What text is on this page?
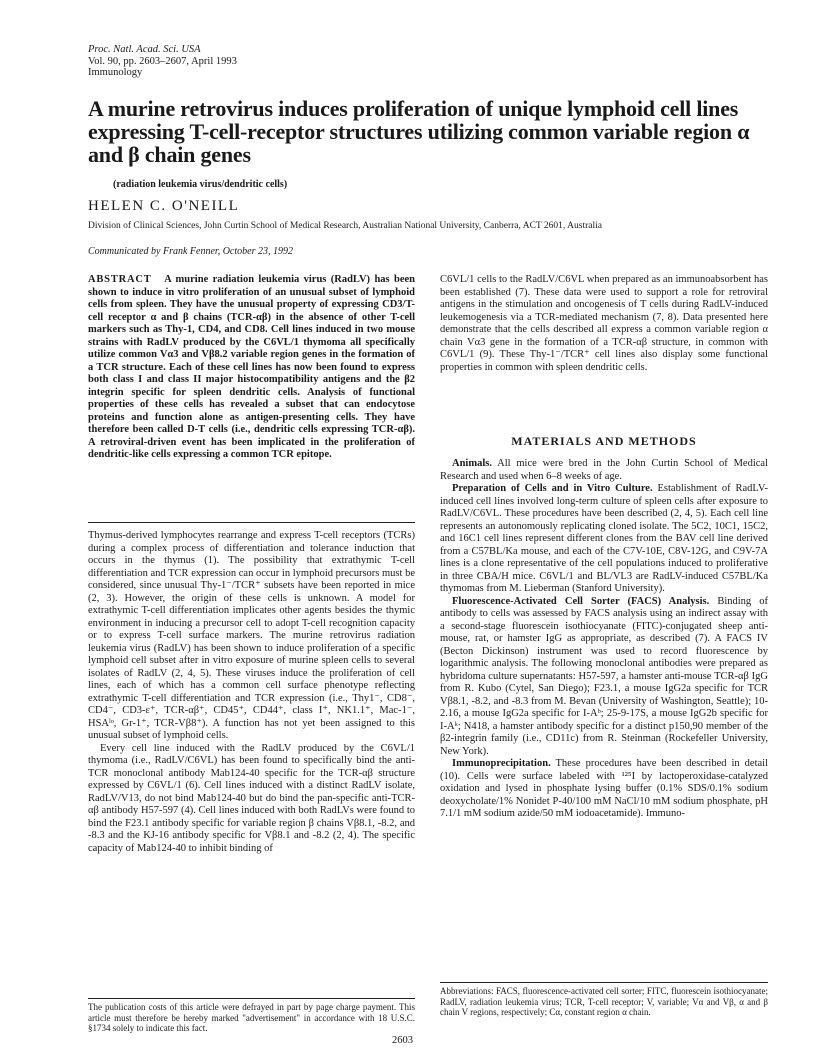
Proc. Natl. Acad. Sci. USA
Vol. 90, pp. 2603–2607, April 1993
Immunology
A murine retrovirus induces proliferation of unique lymphoid cell lines expressing T-cell-receptor structures utilizing common variable region α and β chain genes
(radiation leukemia virus/dendritic cells)
HELEN C. O'NEILL
Division of Clinical Sciences, John Curtin School of Medical Research, Australian National University, Canberra, ACT 2601, Australia
Communicated by Frank Fenner, October 23, 1992

ABSTRACT A murine radiation leukemia virus (RadLV) has been shown to induce in vitro proliferation of an unusual subset of lymphoid cells from spleen. They have the unusual property of expressing CD3/T-cell receptor α and β chains (TCR-αβ) in the absence of other T-cell markers such as Thy-1, CD4, and CD8. Cell lines induced in two mouse strains with RadLV produced by the C6VL/1 thymoma all specifically utilize common Vα3 and Vβ8.2 variable region genes in the formation of a TCR structure. Each of these cell lines has now been found to express both class I and class II major histocompatibility antigens and the β2 integrin specific for spleen dendritic cells. Analysis of functional properties of these cells has revealed a subset that can endocytose proteins and function alone as antigen-presenting cells. They have therefore been called D-T cells (i.e., dendritic cells expressing TCR-αβ). A retroviral-driven event has been implicated in the proliferation of dendritic-like cells expressing a common TCR epitope.

Thymus-derived lymphocytes rearrange and express T-cell receptors (TCRs) during a complex process of differentiation and tolerance induction that occurs in the thymus (1). The possibility that extrathymic T-cell differentiation and TCR expression can occur in lymphoid precursors must be considered, since unusual Thy-1⁻/TCR⁺ subsets have been reported in mice (2, 3). However, the origin of these cells is unknown. A model for extrathymic T-cell differentiation implicates other agents besides the thymic environment in inducing a precursor cell to adopt T-cell recognition capacity or to express T-cell surface markers. The murine retrovirus radiation leukemia virus (RadLV) has been shown to induce proliferation of a specific lymphoid cell subset after in vitro exposure of murine spleen cells to several isolates of RadLV (2, 4, 5). These viruses induce the proliferation of cell lines, each of which has a common cell surface phenotype reflecting extrathymic T-cell differentiation and TCR expression (i.e., Thy1⁻, CD8⁻, CD4⁻, CD3-ε⁺, TCR-αβ⁺, CD45⁺, CD44⁺, class I⁺, NK1.1⁺, Mac-1⁻, HSAˡᵒ, Gr-1⁺, TCR-Vβ8⁺). A function has not yet been assigned to this unusual subset of lymphoid cells.

Every cell line induced with the RadLV produced by the C6VL/1 thymoma (i.e., RadLV/C6VL) has been found to specifically bind the anti-TCR monoclonal antibody Mab124-40 specific for the TCR-αβ structure expressed by C6VL/1 (6). Cell lines induced with a distinct RadLV isolate, RadLV/V13, do not bind Mab124-40 but do bind the pan-specific anti-TCR-αβ antibody H57-597 (4). Cell lines induced with both RadLVs were found to bind the F23.1 antibody specific for variable region β chains Vβ8.1, -8.2, and -8.3 and the KJ-16 antibody specific for Vβ8.1 and -8.2 (2, 4). The specific capacity of Mab124-40 to inhibit binding of

The publication costs of this article were defrayed in part by page charge payment. This article must therefore be hereby marked "advertisement" in accordance with 18 U.S.C. §1734 solely to indicate this fact.

C6VL/1 cells to the RadLV/C6VL when prepared as an immunoabsorbent has been established (7). These data were used to support a role for retroviral antigens in the stimulation and oncogenesis of T cells during RadLV-induced leukemogenesis via a TCR-mediated mechanism (7, 8). Data presented here demonstrate that the cells described all express a common variable region α chain Vα3 gene in the formation of a TCR-αβ structure, in common with C6VL/1 (9). These Thy-1⁻/TCR⁺ cell lines also display some functional properties in common with spleen dendritic cells.

MATERIALS AND METHODS

Animals. All mice were bred in the John Curtin School of Medical Research and used when 6–8 weeks of age.

Preparation of Cells and in Vitro Culture. Establishment of RadLV-induced cell lines involved long-term culture of spleen cells after exposure to RadLV/C6VL. These procedures have been described (2, 4, 5). Each cell line represents an autonomously replicating cloned isolate. The 5C2, 10C1, 15C2, and 16C1 cell lines represent different clones from the BAV cell line derived from a C57BL/Ka mouse, and each of the C7V-10E, C8V-12G, and C9V-7A lines is a clone representative of the cell populations induced to proliferative in three CBA/H mice. C6VL/1 and BL/VL3 are RadLV-induced C57BL/Ka thymomas from M. Lieberman (Stanford University).

Fluorescence-Activated Cell Sorter (FACS) Analysis. Binding of antibody to cells was assessed by FACS analysis using an indirect assay with a second-stage fluorescein isothiocyanate (FITC)-conjugated sheep anti-mouse, rat, or hamster IgG as appropriate, as described (7). A FACS IV (Becton Dickinson) instrument was used to record fluorescence by logarithmic analysis. The following monoclonal antibodies were prepared as hybridoma culture supernatants: H57-597, a hamster anti-mouse TCR-αβ IgG from R. Kubo (Cytel, San Diego); F23.1, a mouse IgG2a specific for TCR Vβ8.1, -8.2, and -8.3 from M. Bevan (University of Washington, Seattle); 10-2.16, a mouse IgG2a specific for I-Aᵇ; 25-9-17S, a mouse IgG2b specific for I-Aᵏ; N418, a hamster antibody specific for a distinct p150,90 member of the β2-integrin family (i.e., CD11c) from R. Steinman (Rockefeller University, New York).

Immunoprecipitation. These procedures have been described in detail (10). Cells were surface labeled with ¹²⁵I by lactoperoxidase-catalyzed oxidation and lysed in phosphate lysing buffer (0.1% SDS/0.1% sodium deoxycholate/1% Nonidet P-40/100 mM NaCl/10 mM sodium phosphate, pH 7.1/1 mM sodium azide/50 mM iodoacetamide). Immuno-

Abbreviations: FACS, fluorescence-activated cell sorter; FITC, fluorescein isothiocyanate; RadLV, radiation leukemia virus; TCR, T-cell receptor; V, variable; Vα and Vβ, α and β chain V regions, respectively; Cα, constant region α chain.
2603
